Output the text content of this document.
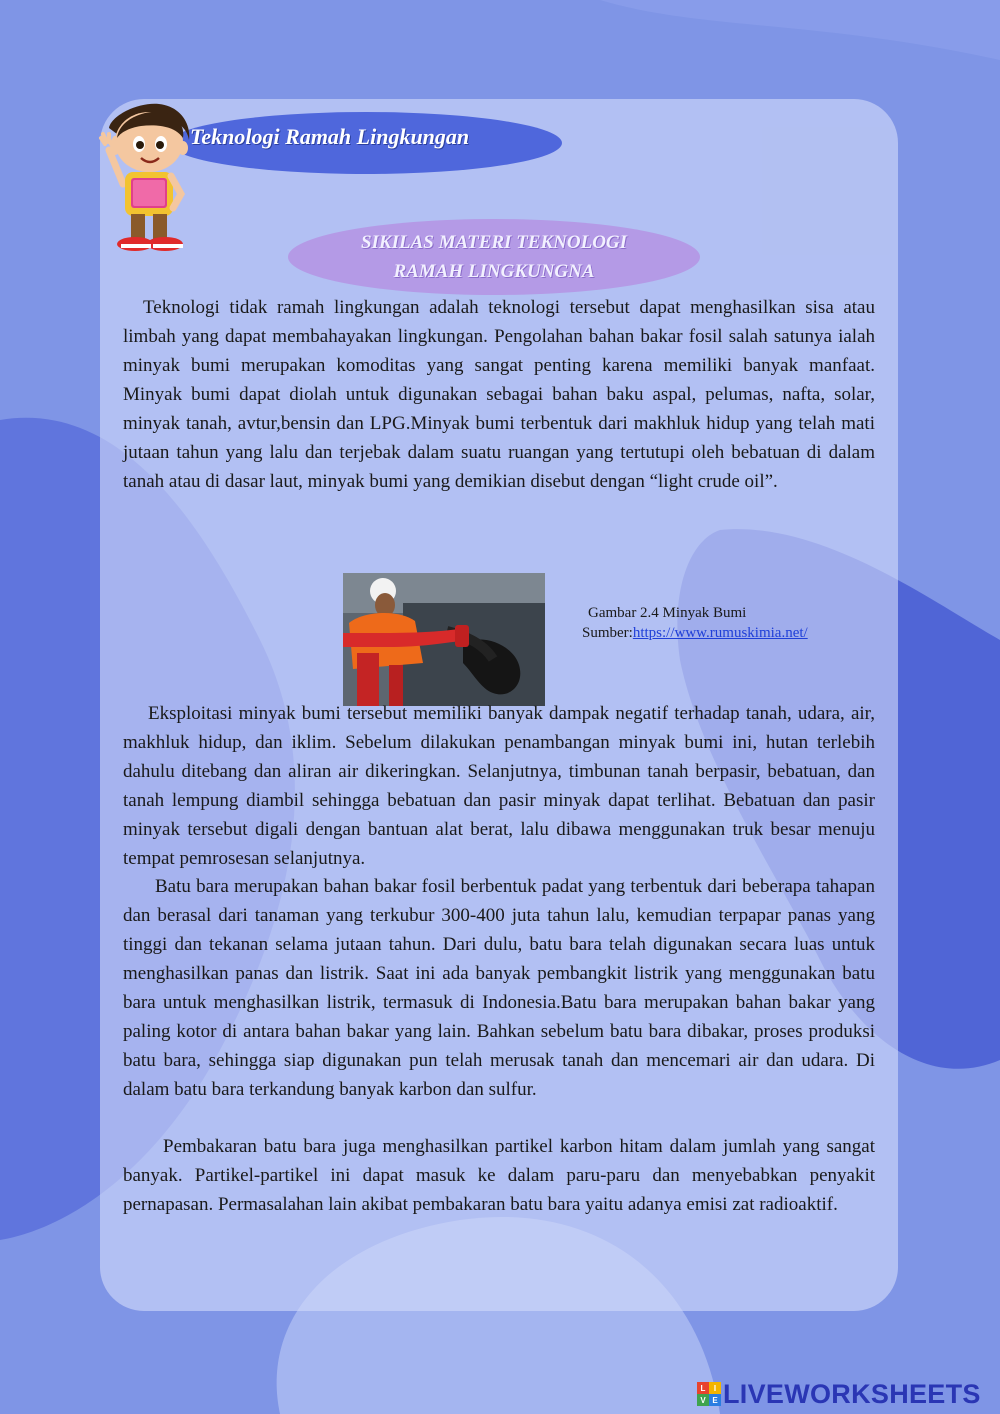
Teknologi Ramah Lingkungan
SIKILAS MATERI TEKNOLOGI
RAMAH LINGKUNGNA

Teknologi tidak ramah lingkungan adalah teknologi tersebut dapat menghasilkan sisa atau limbah yang dapat membahayakan lingkungan. Pengolahan bahan bakar fosil salah satunya ialah minyak bumi merupakan komoditas yang sangat penting karena memiliki banyak manfaat. Minyak bumi dapat diolah untuk digunakan sebagai bahan baku aspal, pelumas, nafta, solar, minyak tanah, avtur,bensin dan LPG.Minyak bumi terbentuk dari makhluk hidup yang telah mati jutaan tahun yang lalu dan terjebak dalam suatu ruangan yang tertutupi oleh bebatuan di dalam tanah atau di dasar laut, minyak bumi yang demikian disebut dengan “light crude oil”.

Gambar 2.4 Minyak Bumi
Sumber:https://www.rumuskimia.net/

Eksploitasi minyak bumi tersebut memiliki banyak dampak negatif terhadap tanah, udara, air, makhluk hidup, dan iklim. Sebelum dilakukan penambangan minyak bumi ini, hutan terlebih dahulu ditebang dan aliran air dikeringkan. Selanjutnya, timbunan tanah berpasir, bebatuan, dan tanah lempung diambil sehingga bebatuan dan pasir minyak dapat terlihat. Bebatuan dan pasir minyak tersebut digali dengan bantuan alat berat, lalu dibawa menggunakan truk besar menuju tempat pemrosesan selanjutnya.

Batu bara merupakan bahan bakar fosil berbentuk padat yang terbentuk dari beberapa tahapan dan berasal dari tanaman yang terkubur 300-400 juta tahun lalu, kemudian terpapar panas yang tinggi dan tekanan selama jutaan tahun. Dari dulu, batu bara telah digunakan secara luas untuk menghasilkan panas dan listrik. Saat ini ada banyak pembangkit listrik yang menggunakan batu bara untuk menghasilkan listrik, termasuk di Indonesia.Batu bara merupakan bahan bakar yang paling kotor di antara bahan bakar yang lain. Bahkan sebelum batu bara dibakar, proses produksi batu bara, sehingga siap digunakan pun telah merusak tanah dan mencemari air dan udara. Di dalam batu bara terkandung banyak karbon dan sulfur.

Pembakaran batu bara juga menghasilkan partikel karbon hitam dalam jumlah yang sangat banyak. Partikel-partikel ini dapat masuk ke dalam paru-paru dan menyebabkan penyakit pernapasan. Permasalahan lain akibat pembakaran batu bara yaitu adanya emisi zat radioaktif.

L I
V E LIVEWORKSHEETS
